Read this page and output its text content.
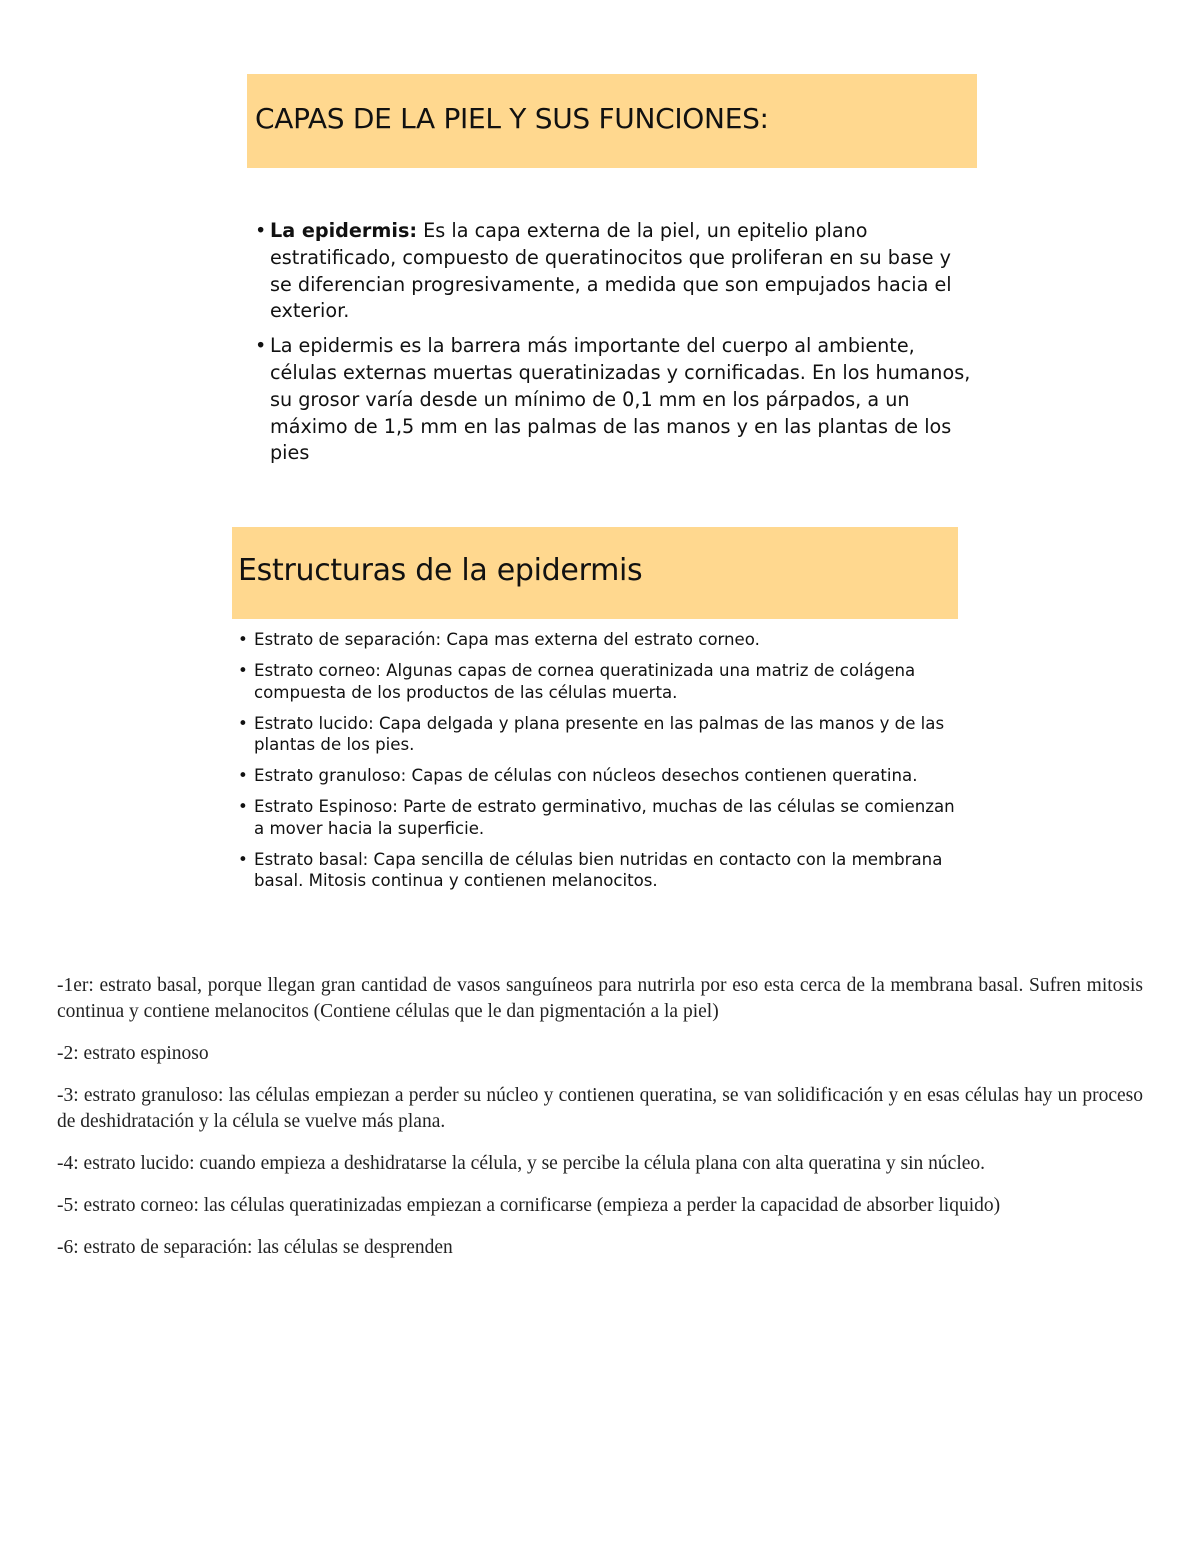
CAPAS DE LA PIEL Y SUS FUNCIONES:
• La epidermis: Es la capa externa de la piel, un epitelio plano estratificado, compuesto de queratinocitos que proliferan en su base y se diferencian progresivamente, a medida que son empujados hacia el exterior.
• La epidermis es la barrera más importante del cuerpo al ambiente, células externas muertas queratinizadas y cornificadas. En los humanos, su grosor varía desde un mínimo de 0,1 mm en los párpados, a un máximo de 1,5 mm en las palmas de las manos y en las plantas de los pies
Estructuras de la epidermis
• Estrato de separación: Capa mas externa del estrato corneo.
• Estrato corneo: Algunas capas de cornea queratinizada una matriz de colágena compuesta de los productos de las células muerta.
• Estrato lucido: Capa delgada y plana presente en las palmas de las manos y de las plantas de los pies.
• Estrato granuloso: Capas de células con núcleos desechos contienen queratina.
• Estrato Espinoso: Parte de estrato germinativo, muchas de las células se comienzan a mover hacia la superficie.
• Estrato basal: Capa sencilla de células bien nutridas en contacto con la membrana basal. Mitosis continua y contienen melanocitos.

-1er: estrato basal, porque llegan gran cantidad de vasos sanguíneos para nutrirla por eso esta cerca de la membrana basal. Sufren mitosis continua y contiene melanocitos (Contiene células que le dan pigmentación a la piel)

-2: estrato espinoso

-3: estrato granuloso: las células empiezan a perder su núcleo y contienen queratina, se van solidificación y en esas células hay un proceso de deshidratación y la célula se vuelve más plana.

-4: estrato lucido: cuando empieza a deshidratarse la célula, y se percibe la célula plana con alta queratina y sin núcleo.

-5: estrato corneo: las células queratinizadas empiezan a cornificarse (empieza a perder la capacidad de absorber liquido)

-6: estrato de separación: las células se desprenden
